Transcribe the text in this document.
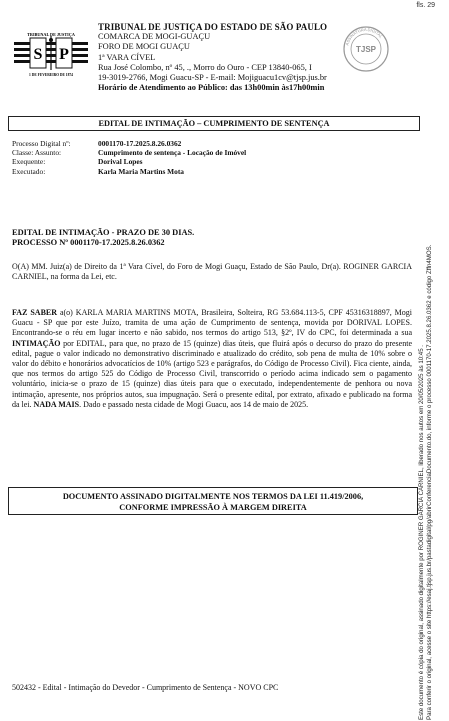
fls. 29
TRIBUNAL DE JUSTIÇA
S P
1 DE FEVEREIRO DE 1874
TRIBUNAL DE JUSTIÇA DO ESTADO DE SÃO PAULO
COMARCA DE MOGI-GUAÇU
FORO DE MOGI GUAÇU
1ª VARA CÍVEL
Rua José Colombo, nº 45, ., Morro do Ouro - CEP 13840-065, I
19-3019-2766, Mogi Guacu-SP - E-mail: Mojiguacu1cv@tjsp.jus.br
Horário de Atendimento ao Público: das 13h00min às17h00min
ASSINATURA DIGITAL
TJSP
EDITAL DE INTIMAÇÃO – CUMPRIMENTO DE SENTENÇA
Processo Digital nº:	0001170-17.2025.8.26.0362
Classe: Assunto:	Cumprimento de sentença - Locação de Imóvel
Exequente:	Dorival Lopes
Executado:	Karla Maria Martins Mota
EDITAL DE INTIMAÇÃO - PRAZO DE 30 DIAS.
PROCESSO Nº 0001170-17.2025.8.26.0362
O(A) MM. Juiz(a) de Direito da 1ª Vara Cível, do Foro de Mogi Guaçu, Estado de São Paulo, Dr(a). ROGINER GARCIA CARNIEL, na forma da Lei, etc.
FAZ SABER a(o) KARLA MARIA MARTINS MOTA, Brasileira, Solteira, RG 53.684.113-5, CPF 45316318897, Mogi Guacu - SP que por este Juízo, tramita de uma ação de Cumprimento de sentença, movida por DORIVAL LOPES. Encontrando-se o réu em lugar incerto e não sabido, nos termos do artigo 513, §2º, IV do CPC, foi determinada a sua INTIMAÇÃO por EDITAL, para que, no prazo de 15 (quinze) dias úteis, que fluirá após o decurso do prazo do presente edital, pague o valor indicado no demonstrativo discriminado e atualizado do crédito, sob pena de multa de 10% sobre o valor do débito e honorários advocatícios de 10% (artigo 523 e parágrafos, do Código de Processo Civil). Fica ciente, ainda, que nos termos do artigo 525 do Código de Processo Civil, transcorrido o período acima indicado sem o pagamento voluntário, inicia-se o prazo de 15 (quinze) dias úteis para que o executado, independentemente de penhora ou nova intimação, apresente, nos próprios autos, sua impugnação. Será o presente edital, por extrato, afixado e publicado na forma da lei. NADA MAIS. Dado e passado nesta cidade de Mogi Guacu, aos 14 de maio de 2025.
DOCUMENTO ASSINADO DIGITALMENTE NOS TERMOS DA LEI 11.419/2006,
CONFORME IMPRESSÃO À MARGEM DIREITA
502432 - Edital - Intimação do Devedor - Cumprimento de Sentença - NOVO CPC	Este documento é cópia do original, assinado digitalmente por ROGINER GARCIA CARNIEL, liberado nos autos em 20/05/2025 às 10:45 . Para conferir o original, acesse o site https://esaj.tjsp.jus.br/pastadigital/pg/abrirConferenciaDocumento.do, informe o processo 0001170-17.2025.8.26.0362 e código Zffn4MOS.
